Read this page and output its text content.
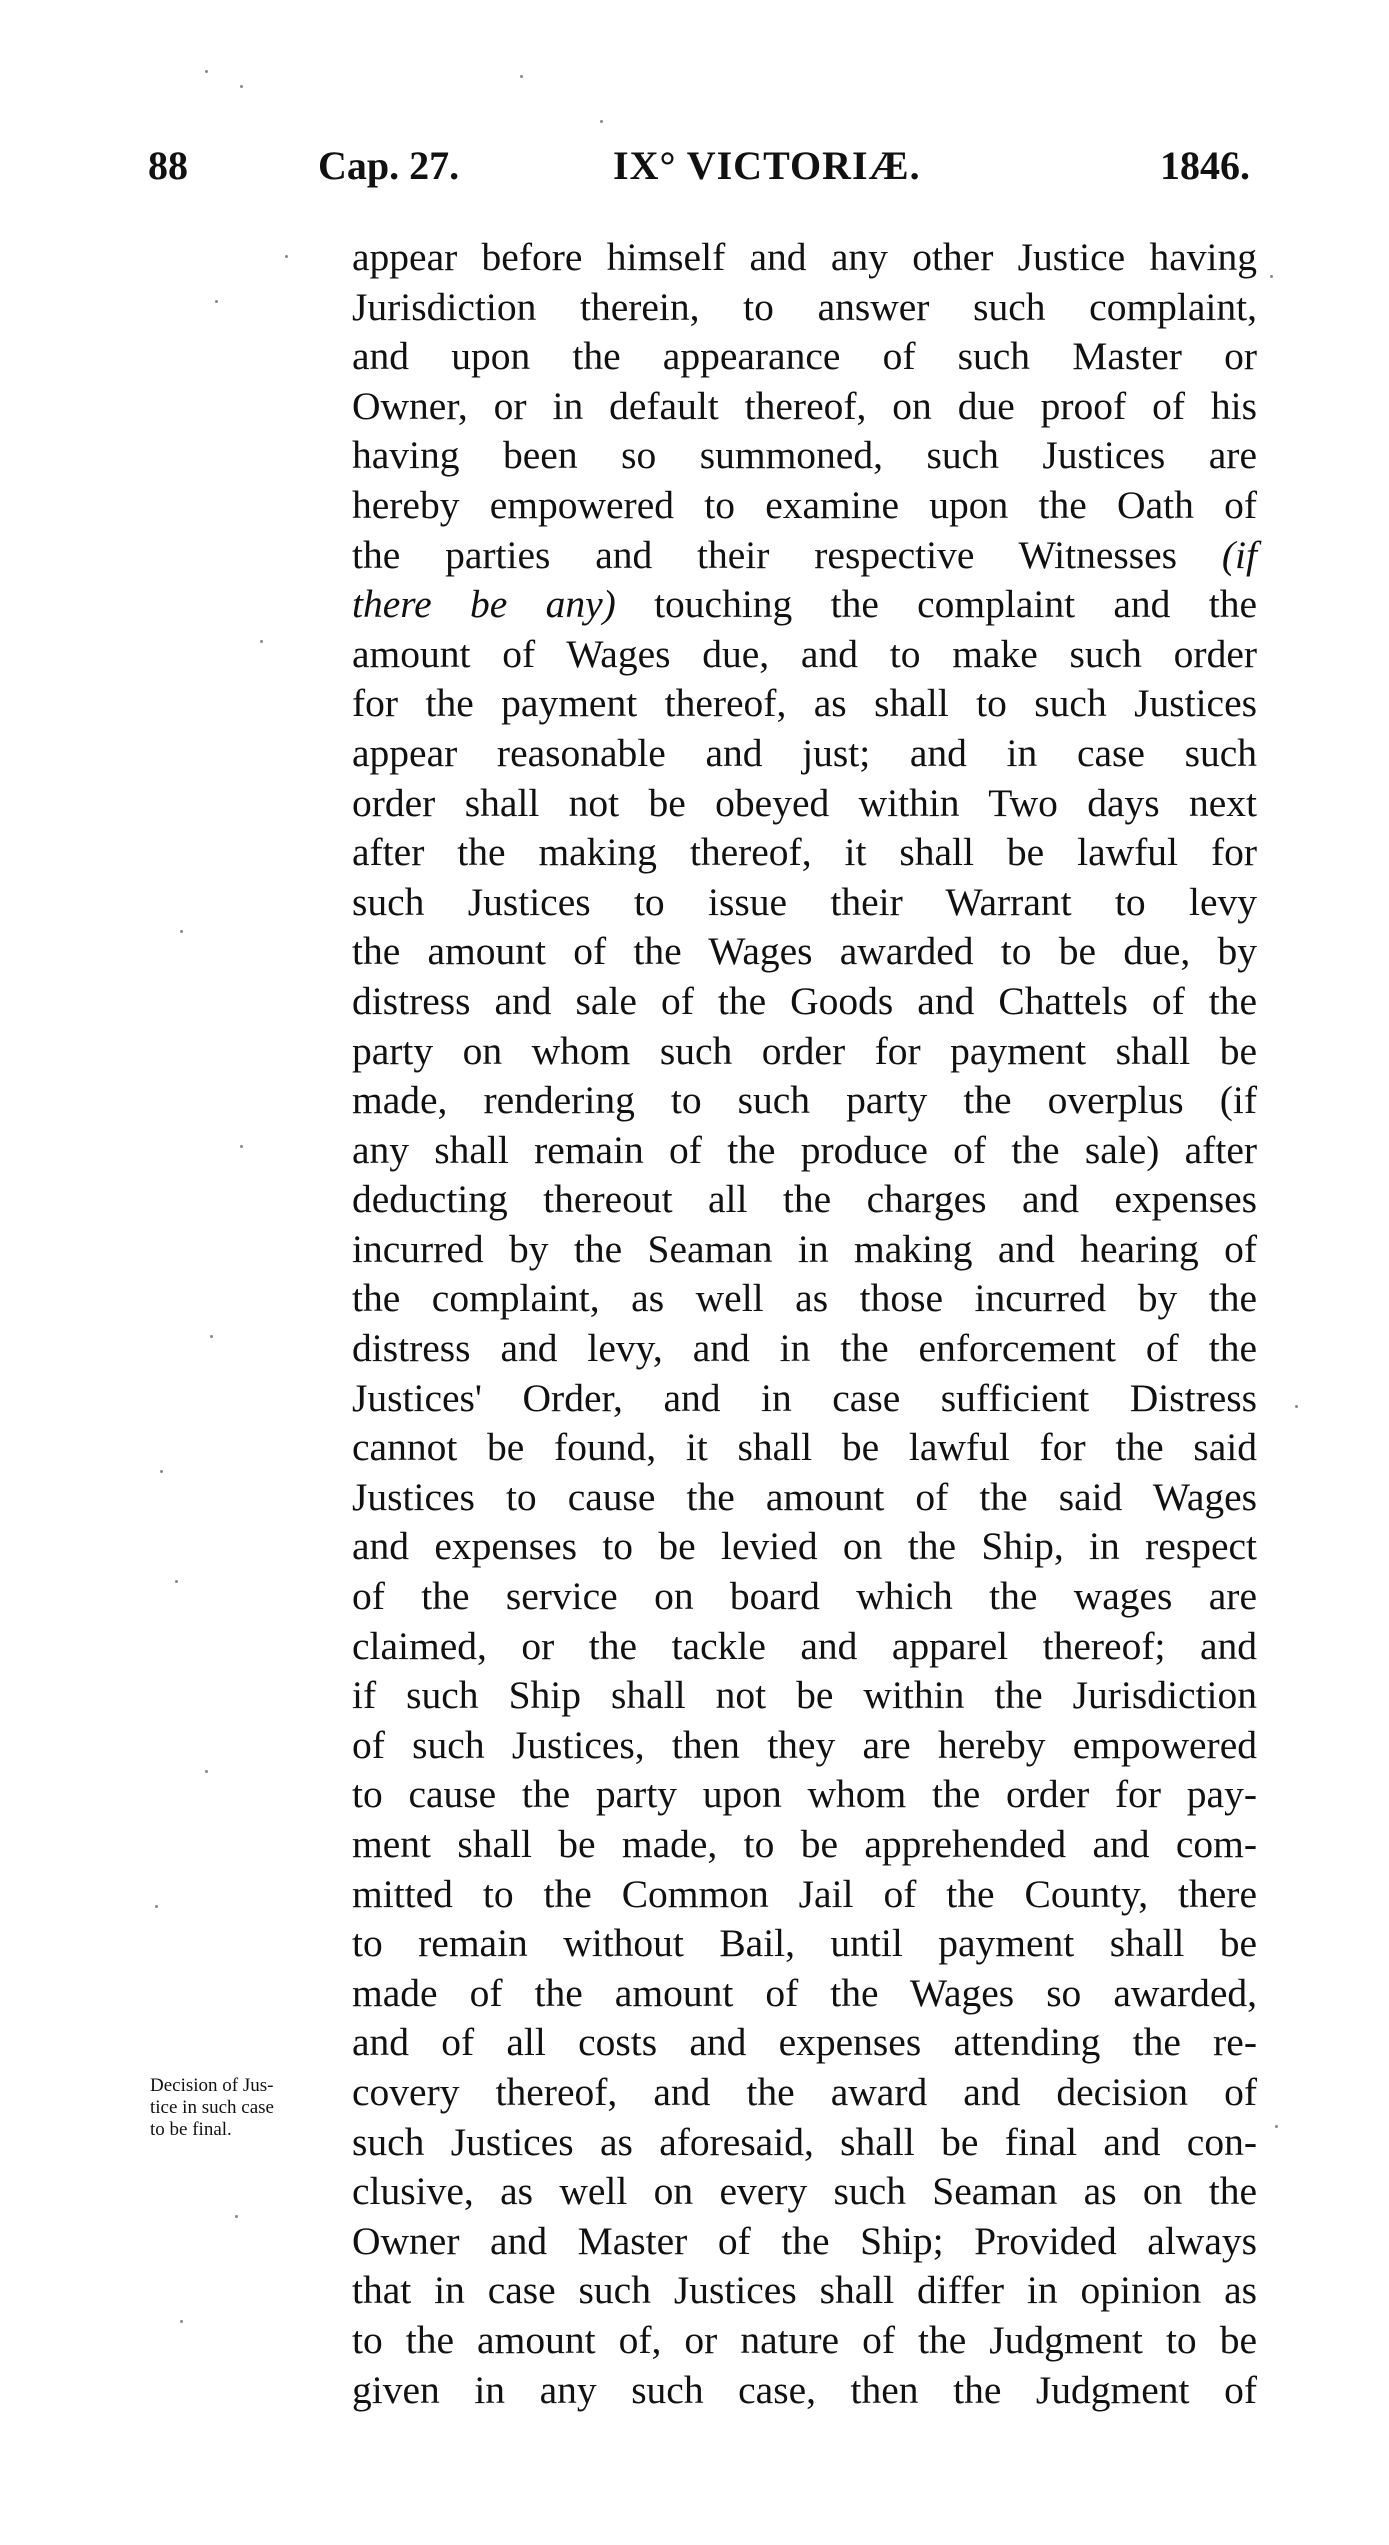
88	Cap. 27.	IX° VICTORIÆ.	1846.
Decision of Jus-
tice in such case
to be final.
appear before himself and any other Justice having
Jurisdiction therein, to answer such complaint,
and upon the appearance of such Master or
Owner, or in default thereof, on due proof of his
having been so summoned, such Justices are
hereby empowered to examine upon the Oath of
the parties and their respective Witnesses (if
there be any) touching the complaint and the
amount of Wages due, and to make such order
for the payment thereof, as shall to such Justices
appear reasonable and just; and in case such
order shall not be obeyed within Two days next
after the making thereof, it shall be lawful for
such Justices to issue their Warrant to levy
the amount of the Wages awarded to be due, by
distress and sale of the Goods and Chattels of the
party on whom such order for payment shall be
made, rendering to such party the overplus (if
any shall remain of the produce of the sale) after
deducting thereout all the charges and expenses
incurred by the Seaman in making and hearing of
the complaint, as well as those incurred by the
distress and levy, and in the enforcement of the
Justices' Order, and in case sufficient Distress
cannot be found, it shall be lawful for the said
Justices to cause the amount of the said Wages
and expenses to be levied on the Ship, in respect
of the service on board which the wages are
claimed, or the tackle and apparel thereof; and
if such Ship shall not be within the Jurisdiction
of such Justices, then they are hereby empowered
to cause the party upon whom the order for pay-
ment shall be made, to be apprehended and com-
mitted to the Common Jail of the County, there
to remain without Bail, until payment shall be
made of the amount of the Wages so awarded,
and of all costs and expenses attending the re-
covery thereof, and the award and decision of
such Justices as aforesaid, shall be final and con-
clusive, as well on every such Seaman as on the
Owner and Master of the Ship; Provided always
that in case such Justices shall differ in opinion as
to the amount of, or nature of the Judgment to be
given in any such case, then the Judgment of
